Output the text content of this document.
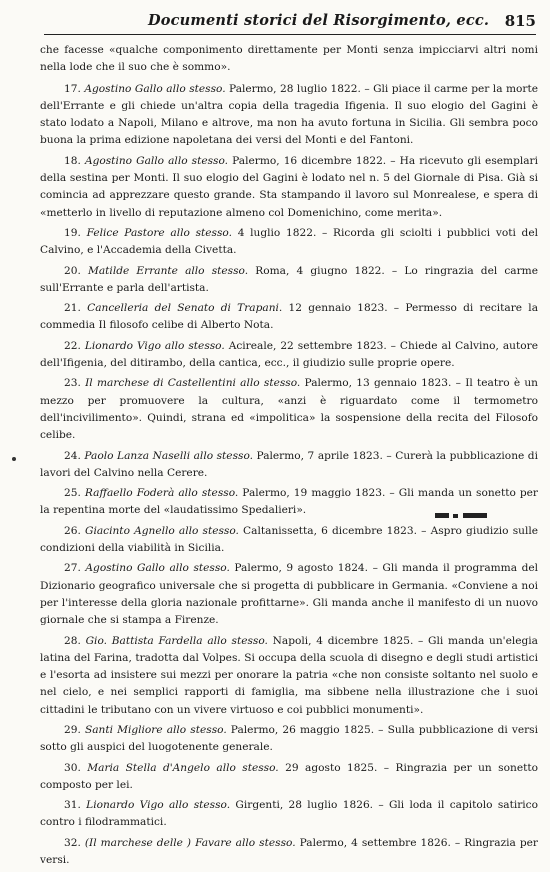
Documenti storici del Risorgimento, ecc. 815

che facesse «qualche componimento direttamente per Monti senza impicciarvi altri nomi nella lode che il suo che è sommo».

17. Agostino Gallo allo stesso. Palermo, 28 luglio 1822. – Gli piace il carme per la morte dell'Errante e gli chiede un'altra copia della tragedia Ifigenia. Il suo elogio del Gagini è stato lodato a Napoli, Milano e altrove, ma non ha avuto fortuna in Sicilia. Gli sembra poco buona la prima edizione napoletana dei versi del Monti e del Fantoni.

18. Agostino Gallo allo stesso. Palermo, 16 dicembre 1822. – Ha ricevuto gli esemplari della sestina per Monti. Il suo elogio del Gagini è lodato nel n. 5 del Giornale di Pisa. Già si comincia ad apprezzare questo grande. Sta stampando il lavoro sul Monrealese, e spera di «metterlo in livello di reputazione almeno col Domenichino, come merita».

19. Felice Pastore allo stesso. 4 luglio 1822. – Ricorda gli sciolti i pubblici voti del Calvino, e l'Accademia della Civetta.

20. Matilde Errante allo stesso. Roma, 4 giugno 1822. – Lo ringrazia del carme sull'Errante e parla dell'artista.

21. Cancelleria del Senato di Trapani. 12 gennaio 1823. – Permesso di recitare la commedia Il filosofo celibe di Alberto Nota.

22. Lionardo Vigo allo stesso. Acireale, 22 settembre 1823. – Chiede al Calvino, autore dell'Ifigenia, del ditirambo, della cantica, ecc., il giudizio sulle proprie opere.

23. Il marchese di Castellentini allo stesso. Palermo, 13 gennaio 1823. – Il teatro è un mezzo per promuovere la cultura, «anzi è riguardato come il termometro dell'incivilimento». Quindi, strana ed «impolitica» la sospensione della recita del Filosofo celibe.

24. Paolo Lanza Naselli allo stesso. Palermo, 7 aprile 1823. – Curerà la pubblicazione di lavori del Calvino nella Cerere.

25. Raffaello Foderà allo stesso. Palermo, 19 maggio 1823. – Gli manda un sonetto per la repentina morte del «laudatissimo Spedalieri».

26. Giacinto Agnello allo stesso. Caltanissetta, 6 dicembre 1823. – Aspro giudizio sulle condizioni della viabilità in Sicilia.

27. Agostino Gallo allo stesso. Palermo, 9 agosto 1824. – Gli manda il programma del Dizionario geografico universale che si progetta di pubblicare in Germania. «Conviene a noi per l'interesse della gloria nazionale profittarne». Gli manda anche il manifesto di un nuovo giornale che si stampa a Firenze.

28. Gio. Battista Fardella allo stesso. Napoli, 4 dicembre 1825. – Gli manda un'elegia latina del Farina, tradotta dal Volpes. Si occupa della scuola di disegno e degli studi artistici e l'esorta ad insistere sui mezzi per onorare la patria «che non consiste soltanto nel suolo e nel cielo, e nei semplici rapporti di famiglia, ma sibbene nella illustrazione che i suoi cittadini le tributano con un vivere virtuoso e coi pubblici monumenti».

29. Santi Migliore allo stesso. Palermo, 26 maggio 1825. – Sulla pubblicazione di versi sotto gli auspici del luogotenente generale.

30. Maria Stella d'Angelo allo stesso. 29 agosto 1825. – Ringrazia per un sonetto composto per lei.

31. Lionardo Vigo allo stesso. Girgenti, 28 luglio 1826. – Gli loda il capitolo satirico contro i filodrammatici.

32. (Il marchese delle ) Favare allo stesso. Palermo, 4 settembre 1826. – Ringrazia per versi.
